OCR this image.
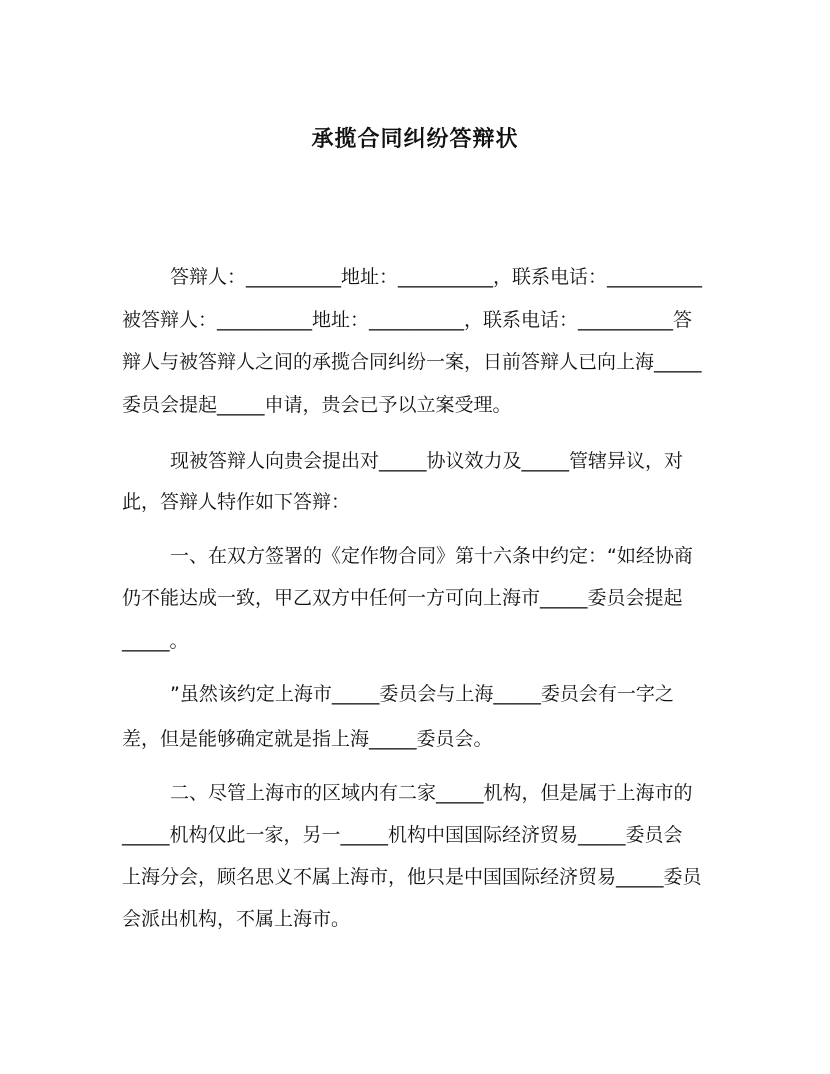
承揽合同纠纷答辩状
答辩人：__________地址：__________，联系电话：__________
被答辩人：__________地址：__________，联系电话：__________答
辩人与被答辩人之间的承揽合同纠纷一案，日前答辩人已向上海_____
委员会提起_____申请，贵会已予以立案受理。
现被答辩人向贵会提出对_____协议效力及_____管辖异议，对
此，答辩人特作如下答辩：
一、在双方签署的《定作物合同》第十六条中约定：“如经协商
仍不能达成一致，甲乙双方中任何一方可向上海市_____委员会提起
_____。
”虽然该约定上海市_____委员会与上海_____委员会有一字之
差，但是能够确定就是指上海_____委员会。
二、尽管上海市的区域内有二家_____机构，但是属于上海市的
_____机构仅此一家，另一_____机构中国国际经济贸易_____委员会
上海分会，顾名思义不属上海市，他只是中国国际经济贸易_____委员
会派出机构，不属上海市。
